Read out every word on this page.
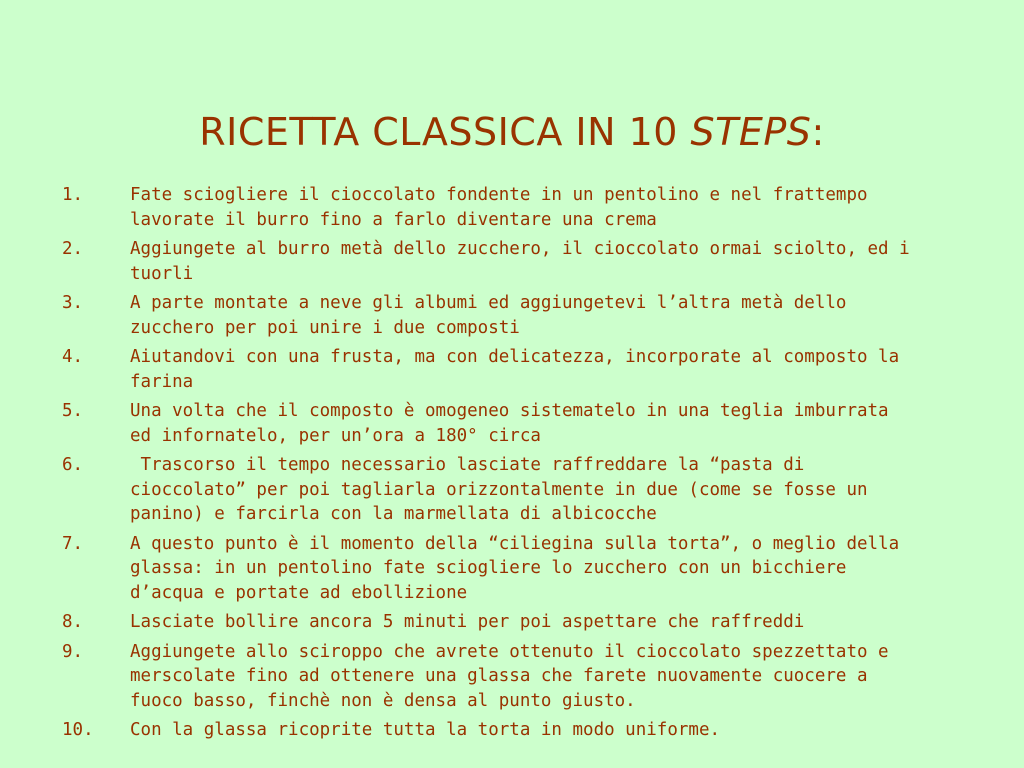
RICETTA CLASSICA IN 10 STEPS:
1.	Fate sciogliere il cioccolato fondente in un pentolino e nel frattempo lavorate il burro fino a farlo diventare una crema
2.	Aggiungete al burro metà dello zucchero, il cioccolato ormai sciolto, ed i tuorli
3.	A parte montate a neve gli albumi ed aggiungetevi l’altra metà dello zucchero per poi unire i due composti
4.	Aiutandovi con una frusta, ma con delicatezza, incorporate al composto la farina
5.	Una volta che il composto è omogeneo sistematelo in una teglia imburrata ed infornatelo, per un’ora a 180° circa
6.	Trascorso il tempo necessario lasciate raffreddare la “pasta di cioccolato” per poi tagliarla orizzontalmente in due (come se fosse un panino) e farcirla con la marmellata di albicocche
7.	A questo punto è il momento della “ciliegina sulla torta”, o meglio della glassa: in un pentolino fate sciogliere lo zucchero con un bicchiere d’acqua e portate ad ebollizione
8.	Lasciate bollire ancora 5 minuti per poi aspettare che raffreddi
9.	Aggiungete allo sciroppo che avrete ottenuto il cioccolato spezzettato e merscolate fino ad ottenere una glassa che farete nuovamente cuocere a fuoco basso, finchè non è densa al punto giusto.
10.	Con la glassa ricoprite tutta la torta in modo uniforme.
